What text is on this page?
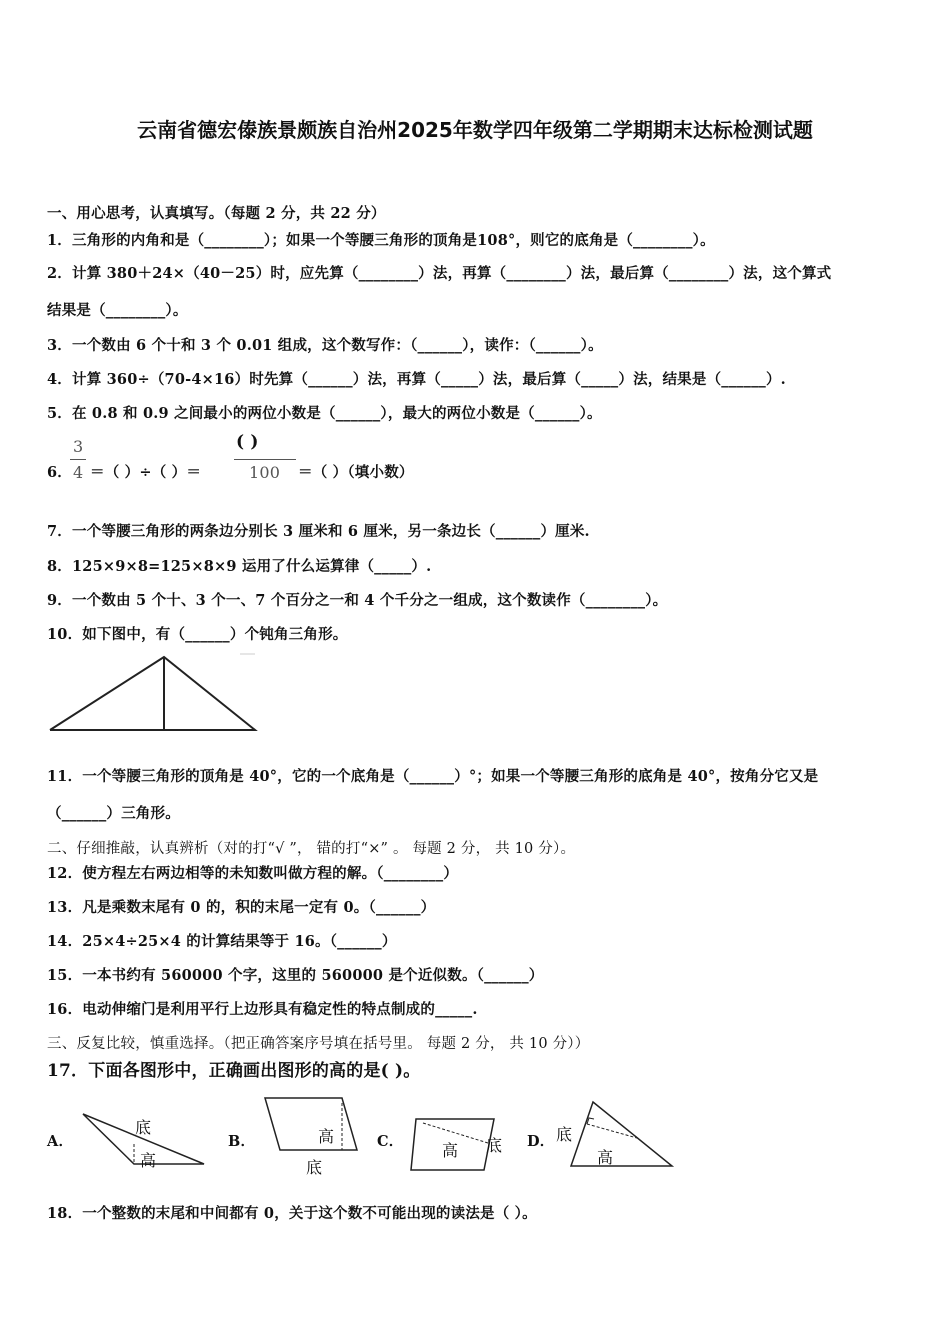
云南省德宏傣族景颇族自治州2025年数学四年级第二学期期末达标检测试题
一、用心思考，认真填写。（每题 2 分，共 22 分）
1．三角形的内角和是（________）；如果一个等腰三角形的顶角是108°，则它的底角是（________）。
2．计算 380＋24×（40－25）时，应先算（________）法，再算（________）法，最后算（________）法，这个算式
结果是（________）。
3．一个数由 6 个十和 3 个 0.01 组成，这个数写作：（______），读作：（______）。
4．计算 360÷（70-4×16）时先算（______）法，再算（_____）法，最后算（_____）法，结果是（______）.
5．在 0.8 和 0.9 之间最小的两位小数是（______），最大的两位小数是（______）。
6．
3
4 ＝（ ）÷（ ）＝
( )
100 ＝（ ）（填小数）
7．一个等腰三角形的两条边分别长 3 厘米和 6 厘米，另一条边长（______）厘米.
8．125×9×8=125×8×9 运用了什么运算律（_____）.
9．一个数由 5 个十、3 个一、7 个百分之一和 4 个千分之一组成，这个数读作（________）。
10．如下图中，有（______）个钝角三角形。
11．一个等腰三角形的顶角是 40°，它的一个底角是（______）°；如果一个等腰三角形的底角是 40°，按角分它又是
（______）三角形。
二、仔细推敲，认真辨析（对的打“√ ”， 错的打“×” 。 每题 2 分， 共 10 分）。
12．使方程左右两边相等的未知数叫做方程的解。（________）
13．凡是乘数末尾有 0 的，积的末尾一定有 0。（______）
14．25×4÷25×4 的计算结果等于 16。（______）
15．一本书约有 560000 个字，这里的 560000 是个近似数。（______）
16．电动伸缩门是利用平行上边形具有稳定性的特点制成的_____.
三、反复比较，慎重选择。（把正确答案序号填在括号里。 每题 2 分， 共 10 分））
17．下面各图形中，正确画出图形的高的是( )。
A．
底
高
B．	高
底
C． 高 底 D． 底
高
18．一个整数的末尾和中间都有 0，关于这个数不可能出现的读法是（ ）。
